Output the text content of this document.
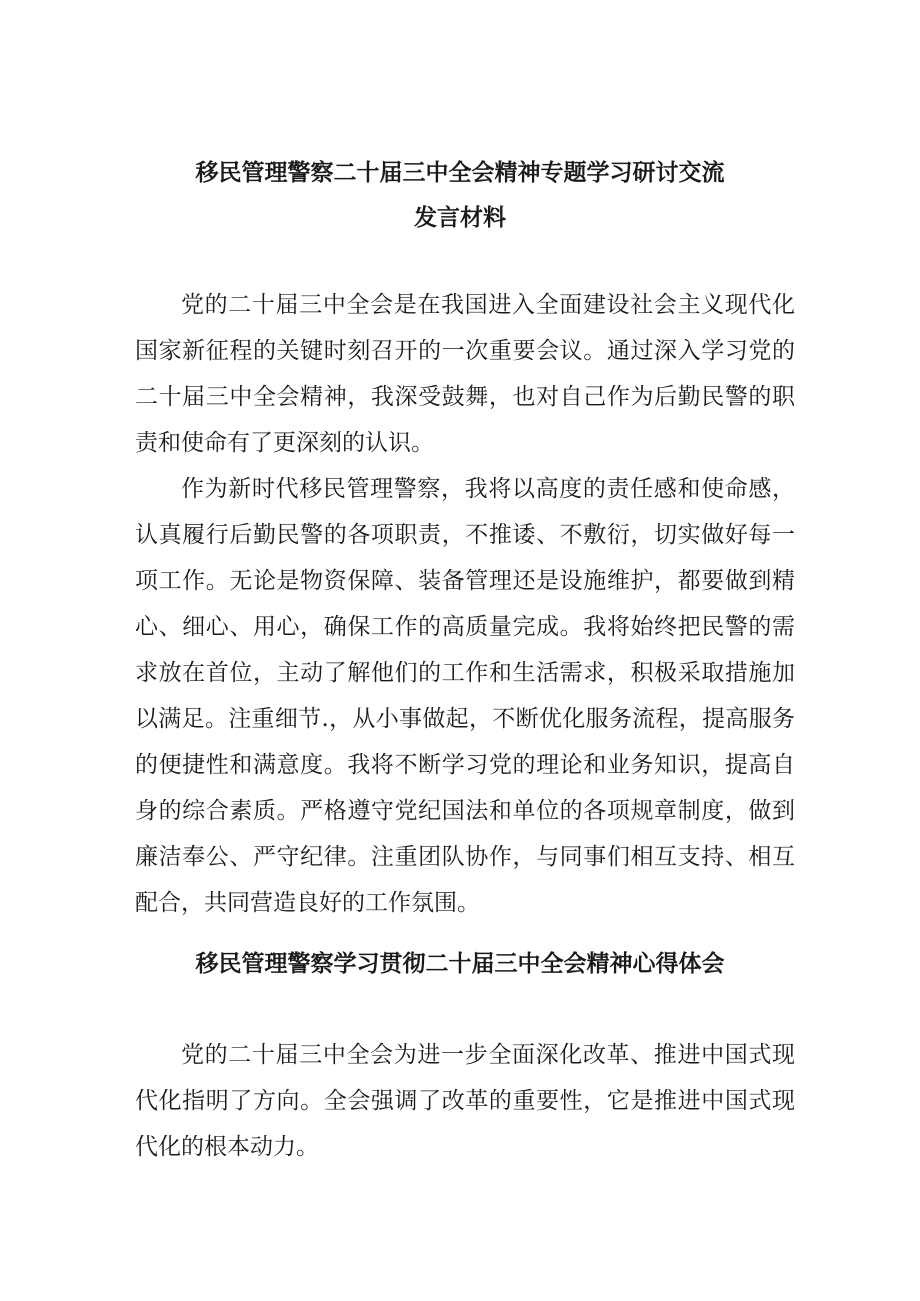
移民管理警察二十届三中全会精神专题学习研讨交流
发言材料

党的二十届三中全会是在我国进入全面建设社会主义现代化国家新征程的关键时刻召开的一次重要会议。通过深入学习党的二十届三中全会精神，我深受鼓舞，也对自己作为后勤民警的职责和使命有了更深刻的认识。

作为新时代移民管理警察，我将以高度的责任感和使命感，认真履行后勤民警的各项职责，不推诿、不敷衍，切实做好每一项工作。无论是物资保障、装备管理还是设施维护，都要做到精心、细心、用心，确保工作的高质量完成。我将始终把民警的需求放在首位，主动了解他们的工作和生活需求，积极采取措施加以满足。注重细节.，从小事做起，不断优化服务流程，提高服务的便捷性和满意度。我将不断学习党的理论和业务知识，提高自身的综合素质。严格遵守党纪国法和单位的各项规章制度，做到廉洁奉公、严守纪律。注重团队协作，与同事们相互支持、相互配合，共同营造良好的工作氛围。

移民管理警察学习贯彻二十届三中全会精神心得体会

党的二十届三中全会为进一步全面深化改革、推进中国式现代化指明了方向。全会强调了改革的重要性，它是推进中国式现代化的根本动力。
